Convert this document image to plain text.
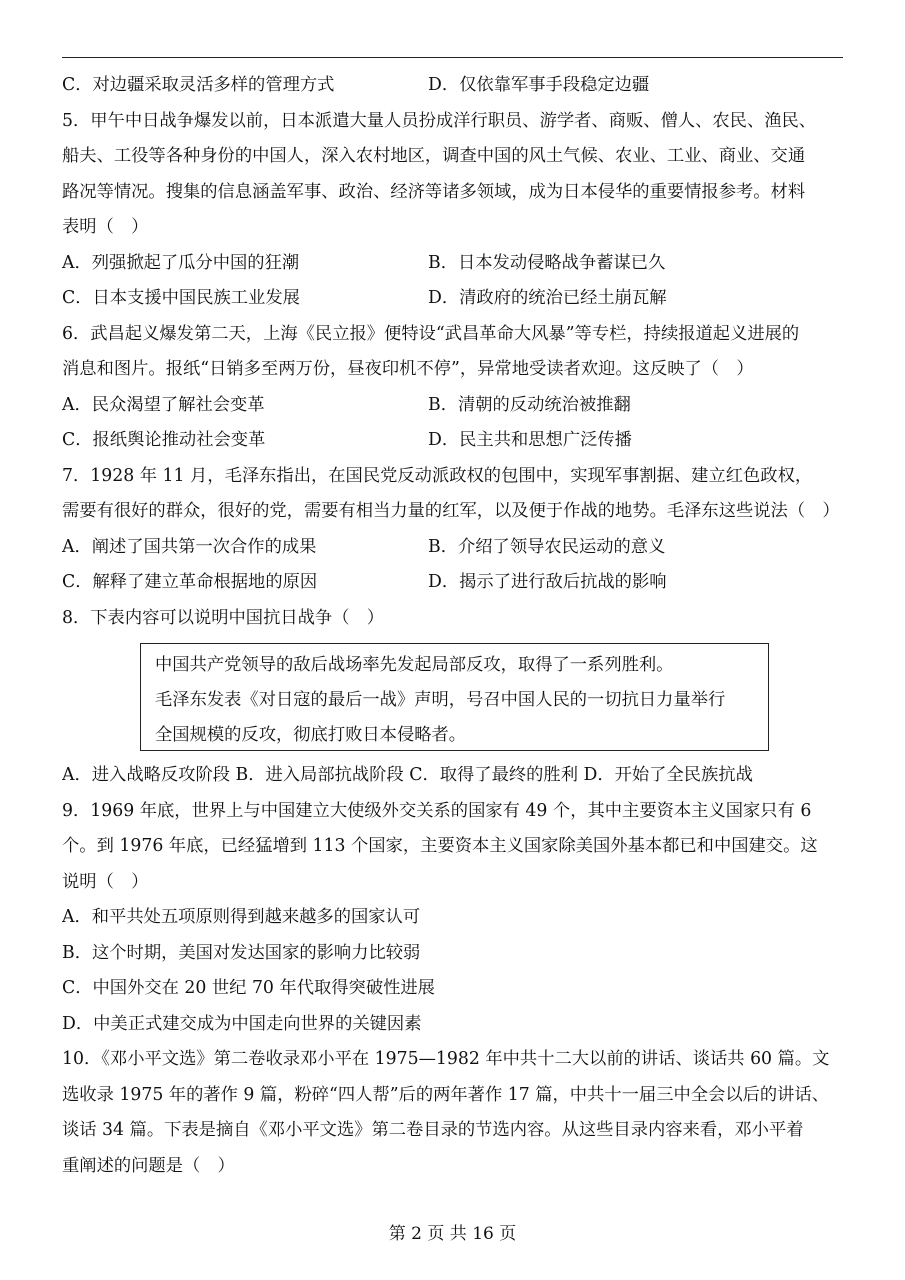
C．对边疆采取灵活多样的管理方式	D．仅依靠军事手段稳定边疆
5．甲午中日战争爆发以前，日本派遣大量人员扮成洋行职员、游学者、商贩、僧人、农民、渔民、
船夫、工役等各种身份的中国人，深入农村地区，调查中国的风土气候、农业、工业、商业、交通
路况等情况。搜集的信息涵盖军事、政治、经济等诸多领域，成为日本侵华的重要情报参考。材料
表明（　）
A．列强掀起了瓜分中国的狂潮	B．日本发动侵略战争蓄谋已久
C．日本支援中国民族工业发展	D．清政府的统治已经土崩瓦解
6．武昌起义爆发第二天，上海《民立报》便特设“武昌革命大风暴”等专栏，持续报道起义进展的
消息和图片。报纸“日销多至两万份，昼夜印机不停”，异常地受读者欢迎。这反映了（　）
A．民众渴望了解社会变革	B．清朝的反动统治被推翻
C．报纸舆论推动社会变革	D．民主共和思想广泛传播
7．1928 年 11 月，毛泽东指出，在国民党反动派政权的包围中，实现军事割据、建立红色政权，
需要有很好的群众，很好的党，需要有相当力量的红军，以及便于作战的地势。毛泽东这些说法（　）
A．阐述了国共第一次合作的成果	B．介绍了领导农民运动的意义
C．解释了建立革命根据地的原因	D．揭示了进行敌后抗战的影响
8．下表内容可以说明中国抗日战争（　）
中国共产党领导的敌后战场率先发起局部反攻，取得了一系列胜利。
毛泽东发表《对日寇的最后一战》声明，号召中国人民的一切抗日力量举行
全国规模的反攻，彻底打败日本侵略者。
A．进入战略反攻阶段 B．进入局部抗战阶段 C．取得了最终的胜利 D．开始了全民族抗战
9．1969 年底，世界上与中国建立大使级外交关系的国家有 49 个，其中主要资本主义国家只有 6
个。到 1976 年底，已经猛增到 113 个国家，主要资本主义国家除美国外基本都已和中国建交。这
说明（　）
A．和平共处五项原则得到越来越多的国家认可
B．这个时期，美国对发达国家的影响力比较弱
C．中国外交在 20 世纪 70 年代取得突破性进展
D．中美正式建交成为中国走向世界的关键因素
10．《邓小平文选》第二卷收录邓小平在 1975—1982 年中共十二大以前的讲话、谈话共 60 篇。文
选收录 1975 年的著作 9 篇，粉碎“四人帮”后的两年著作 17 篇，中共十一届三中全会以后的讲话、
谈话 34 篇。下表是摘自《邓小平文选》第二卷目录的节选内容。从这些目录内容来看，邓小平着
重阐述的问题是（　）
第 2 页 共 16 页
